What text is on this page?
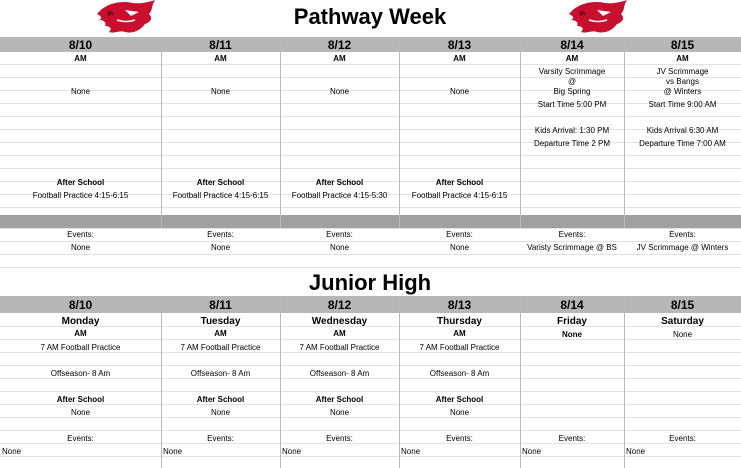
Pathway Week
8/10
AM
None
After School
Football Practice 4:15-6:15
Events:
None
8/11
AM
None
After School
Football Practice 4:15-6:15
Events:
None
8/12
AM
None
After School
Football Practice 4:15-5:30
Events:
None
8/13
AM
None
After School
Football Practice 4:15-6:15
Events:
None
8/14
AM
Varsity Scrimmage
@
Big Spring
Start Time 5:00 PM
Kids Arrival: 1:30 PM
Departure Time 2 PM
Events:
Varisty Scrimmage @ BS
8/15
AM
JV Scrimmage
vs Bangs
@ Winters
Start Time 9:00 AM
Kids Arrival 6:30 AM
Departure Time 7:00 AM
Events:
JV Scrimmage @ Winters
Junior High
8/10
Monday
AM
7 AM Football Practice
Offseason- 8 Am
After School
None
Events:
None
8/11
Tuesday
AM
7 AM Football Practice
Offseason- 8 Am
After School
None
Events:
None
8/12
Wednesday
AM
7 AM Football Practice
Offseason- 8 Am
After School
None
Events:
None
8/13
Thursday
AM
7 AM Football Practice
Offseason- 8 Am
After School
None
Events:
None
8/14
Friday
None
Events:
None
8/15
Saturday
None
Events:
None
